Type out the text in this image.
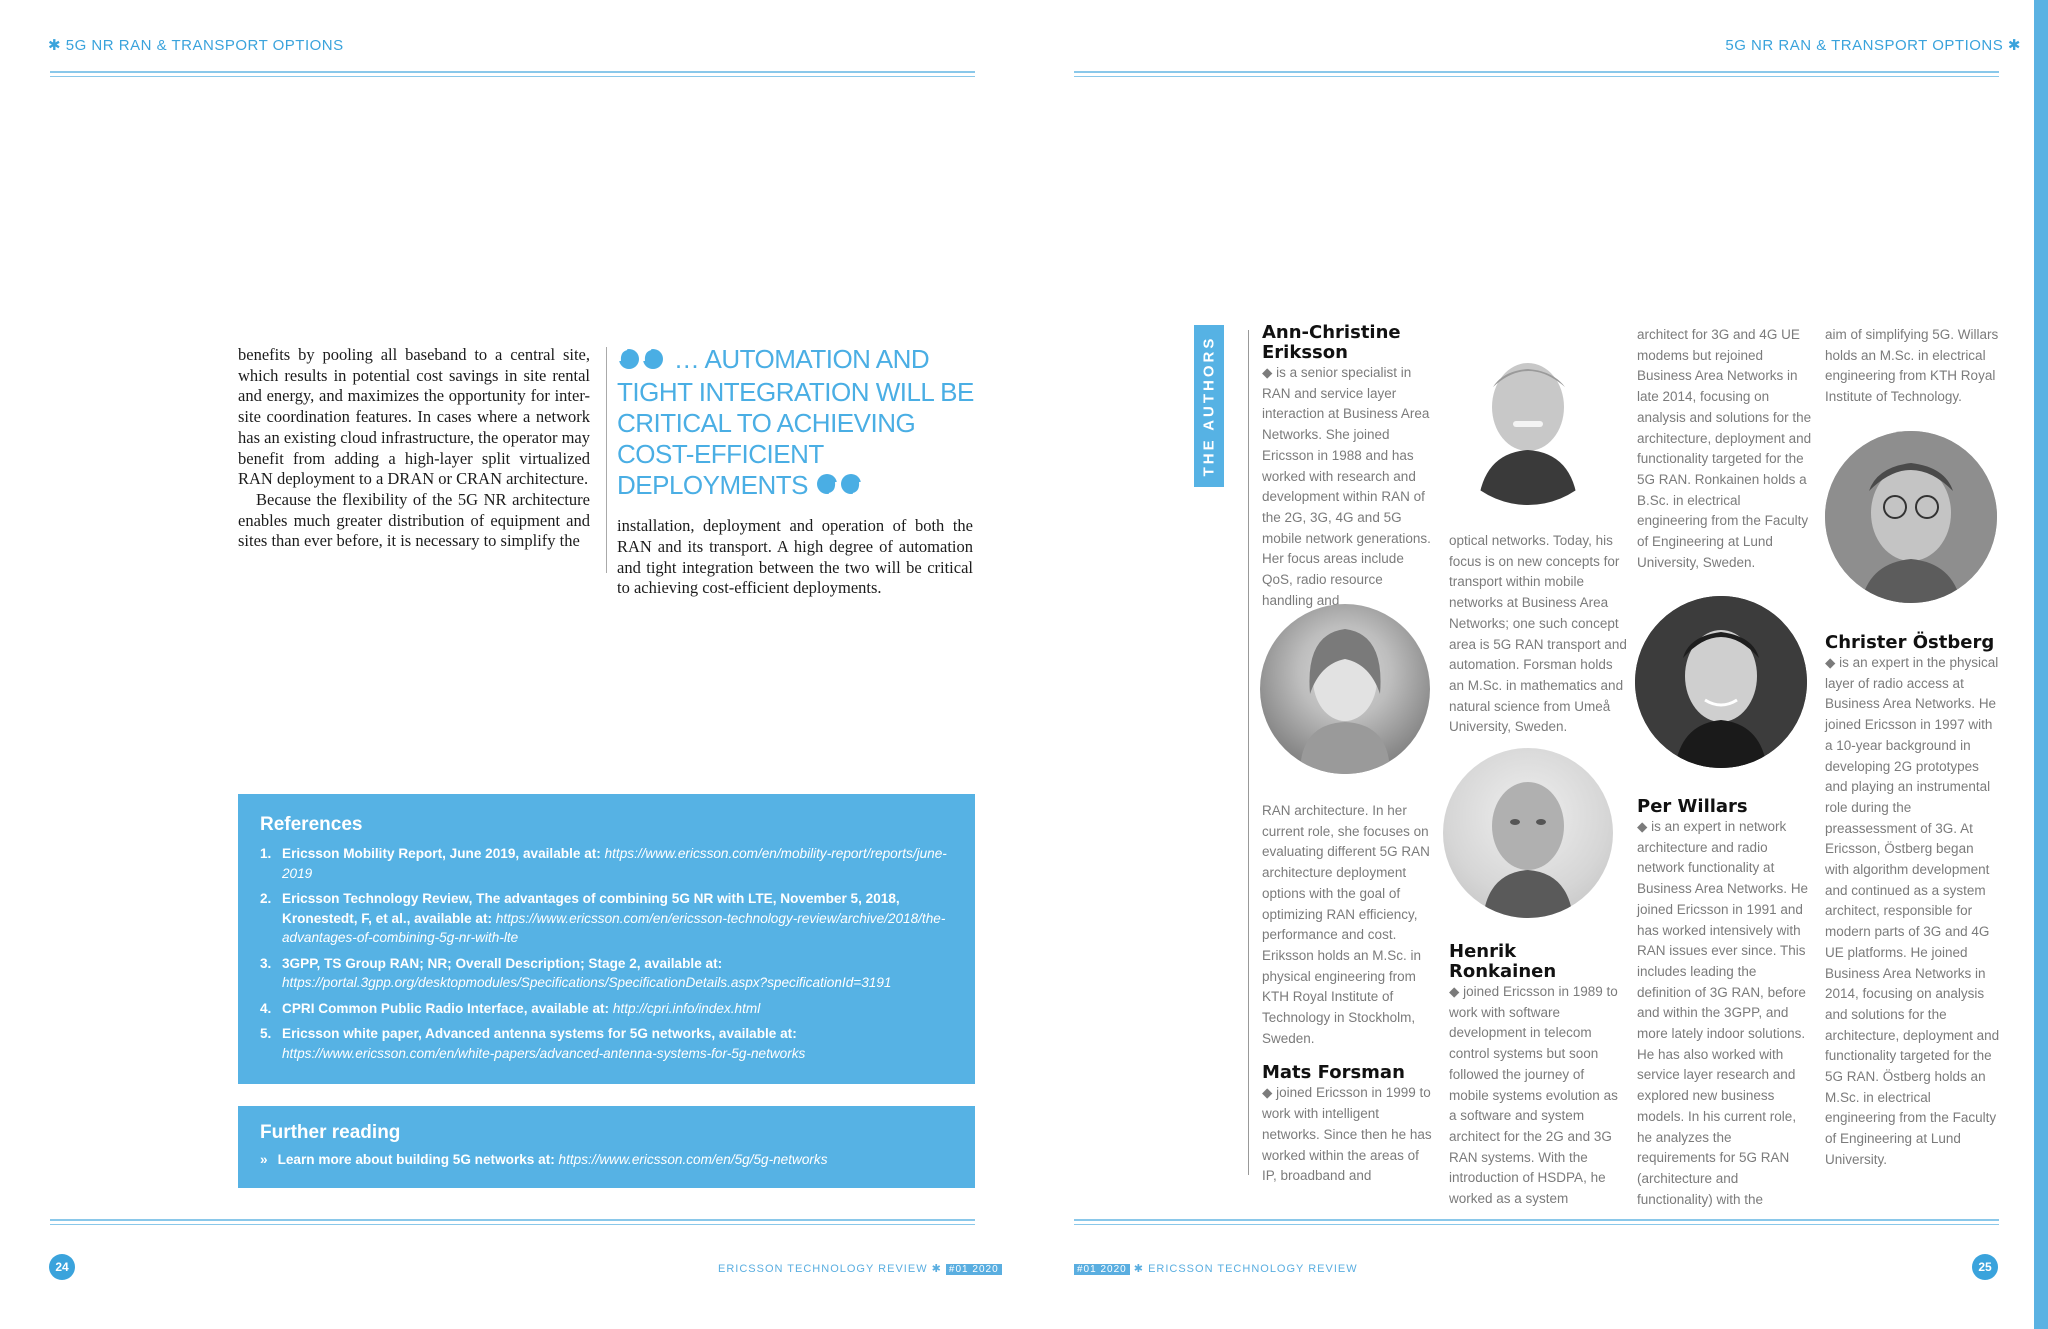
✱ 5G NR RAN & TRANSPORT OPTIONS
benefits by pooling all baseband to a central site, which results in potential cost savings in site rental and energy, and maximizes the opportunity for inter-site coordination features. In cases where a network has an existing cloud infrastructure, the operator may benefit from adding a high-layer split virtualized RAN deployment to a DRAN or CRAN architecture.
Because the flexibility of the 5G NR architecture enables much greater distribution of equipment and sites than ever before, it is necessary to simplify the
… AUTOMATION AND TIGHT INTEGRATION WILL BE CRITICAL TO ACHIEVING COST-EFFICIENT DEPLOYMENTS
installation, deployment and operation of both the RAN and its transport. A high degree of automation and tight integration between the two will be critical to achieving cost-efficient deployments.
References
1. Ericsson Mobility Report, June 2019, available at: https://www.ericsson.com/en/mobility-report/reports/june-2019
2. Ericsson Technology Review, The advantages of combining 5G NR with LTE, November 5, 2018, Kronestedt, F, et al., available at: https://www.ericsson.com/en/ericsson-technology-review/archive/2018/the-advantages-of-combining-5g-nr-with-lte
3. 3GPP, TS Group RAN; NR; Overall Description; Stage 2, available at: https://portal.3gpp.org/desktopmodules/Specifications/SpecificationDetails.aspx?specificationId=3191
4. CPRI Common Public Radio Interface, available at: http://cpri.info/index.html
5. Ericsson white paper, Advanced antenna systems for 5G networks, available at: https://www.ericsson.com/en/white-papers/advanced-antenna-systems-for-5g-networks
Further reading
» Learn more about building 5G networks at: https://www.ericsson.com/en/5g/5g-networks
24	ERICSSON TECHNOLOGY REVIEW ✱ #01 2020
5G NR RAN & TRANSPORT OPTIONS ✱
THE AUTHORS
Ann-Christine Eriksson
◆ is a senior specialist in RAN and service layer interaction at Business Area Networks. She joined Ericsson in 1988 and has worked with research and development within RAN of the 2G, 3G, 4G and 5G mobile network generations. Her focus areas include QoS, radio resource handling and
RAN architecture. In her current role, she focuses on evaluating different 5G RAN architecture deployment options with the goal of optimizing RAN efficiency, performance and cost. Eriksson holds an M.Sc. in physical engineering from KTH Royal Institute of Technology in Stockholm, Sweden.
Mats Forsman
◆ joined Ericsson in 1999 to work with intelligent networks. Since then he has worked within the areas of IP, broadband and
optical networks. Today, his focus is on new concepts for transport within mobile networks at Business Area Networks; one such concept area is 5G RAN transport and automation. Forsman holds an M.Sc. in mathematics and natural science from Umeå University, Sweden.
Henrik Ronkainen
◆ joined Ericsson in 1989 to work with software development in telecom control systems but soon followed the journey of mobile systems evolution as a software and system architect for the 2G and 3G RAN systems. With the introduction of HSDPA, he worked as a system
architect for 3G and 4G UE modems but rejoined Business Area Networks in late 2014, focusing on analysis and solutions for the architecture, deployment and functionality targeted for the 5G RAN. Ronkainen holds a B.Sc. in electrical engineering from the Faculty of Engineering at Lund University, Sweden.
Per Willars
◆ is an expert in network architecture and radio network functionality at Business Area Networks. He joined Ericsson in 1991 and has worked intensively with RAN issues ever since. This includes leading the definition of 3G RAN, before and within the 3GPP, and more lately indoor solutions. He has also worked with service layer research and explored new business models. In his current role, he analyzes the requirements for 5G RAN (architecture and functionality) with the
aim of simplifying 5G. Willars holds an M.Sc. in electrical engineering from KTH Royal Institute of Technology.
Christer Östberg
◆ is an expert in the physical layer of radio access at Business Area Networks. He joined Ericsson in 1997 with a 10-year background in developing 2G prototypes and playing an instrumental role during the preassessment of 3G. At Ericsson, Östberg began with algorithm development and continued as a system architect, responsible for modern parts of 3G and 4G UE platforms. He joined Business Area Networks in 2014, focusing on analysis and solutions for the architecture, deployment and functionality targeted for the 5G RAN. Östberg holds an M.Sc. in electrical engineering from the Faculty of Engineering at Lund University.
#01 2020 ✱ ERICSSON TECHNOLOGY REVIEW	25
